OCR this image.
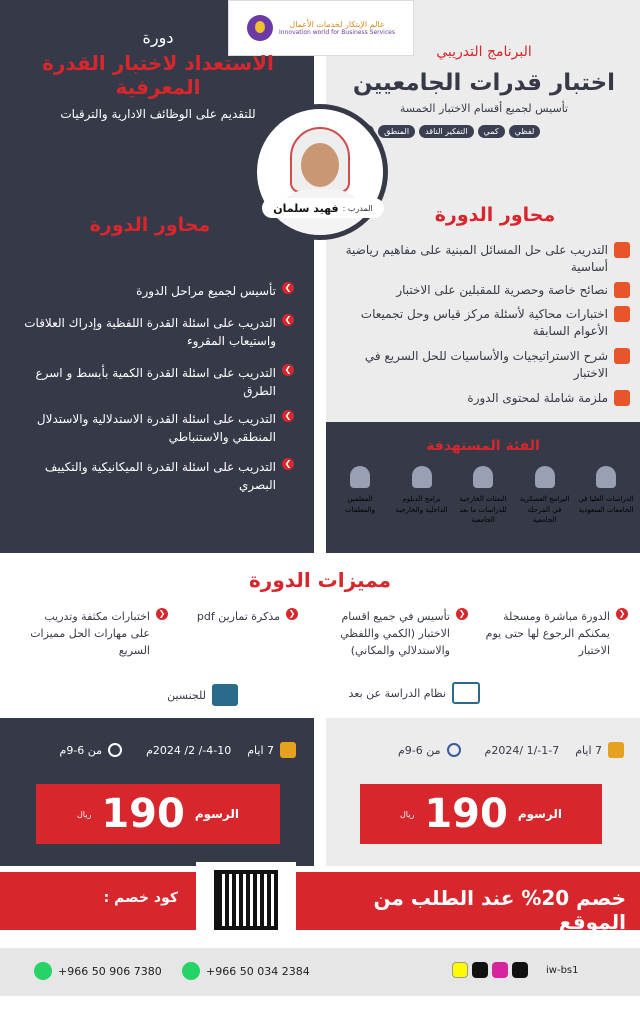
عالم الإبتكار لخدمات الأعمال
Innovation world for Business Services
دورة
الاستعداد لاختبار القدرة
المعرفية
للتقديم على الوظائف الادارية والترقيات
البرنامج التدريبي
اختبار قدرات الجامعيين
تأسيس لجميع أقسام الاختبار الخمسة
لفظي
كمي
التفكير الناقد
المنطق
المدرب :
فهيد سلمان
محاور الدورة
❯
تأسيس لجميع مراحل الدورة
❯
التدريب على اسئلة القدرة اللفظية وإدراك العلاقات واستيعاب المقروء
❯
التدريب على اسئلة القدرة الكمية بأبسط و اسرع الطرق
❯
التدريب على اسئلة القدرة الاستدلالية والاستدلال المنطقي والاستنباطي
❯
التدريب على اسئلة القدرة الميكانيكية والتكييف البصري
محاور الدورة
التدريب على حل المسائل المبنية على مفاهيم رياضية أساسية
نصائح خاصة وحصرية للمقبلين على الاختبار
اختبارات محاكية لأسئلة مركز قياس وحل تجميعات الأعوام السابقة
شرح الاستراتيجيات والأساسيات للحل السريع في الاختبار
ملزمة شاملة لمحتوى الدورة
الفئة المستهدفة
الدراسات العليا في الجامعات السعودية
البرامج العسكرية في المرحلة الجامعية
البعثات الخارجية للدراسات ما بعد الجامعية
برامج الدبلوم الداخلية والخارجية
المعلمين والمعلمات
مميزات الدورة
❮
الدورة مباشرة ومسجلة يمكنكم الرجوع لها حتى يوم الاختبار
❮
تأسيس في جميع اقسام الاختبار (الكمي واللفظي والاستدلالي والمكاني)
❮
مذكرة تمارين pdf
❮
اختبارات مكثفة وتدريب على مهارات الحل مميزات السريع
نظام الدراسة عن بعد
للجنسين
7 ايام
1-7-/1 /2024م
من 6-9م
ريال 190 الرسوم
7 ايام
4-10-/ 2/ 2024م
من 6-9م
ريال 190 الرسوم
خصم 20% عند الطلب من الموقع
كود خصم :
+966 50 906 7380	+966 50 034 2384	iw-bs1
